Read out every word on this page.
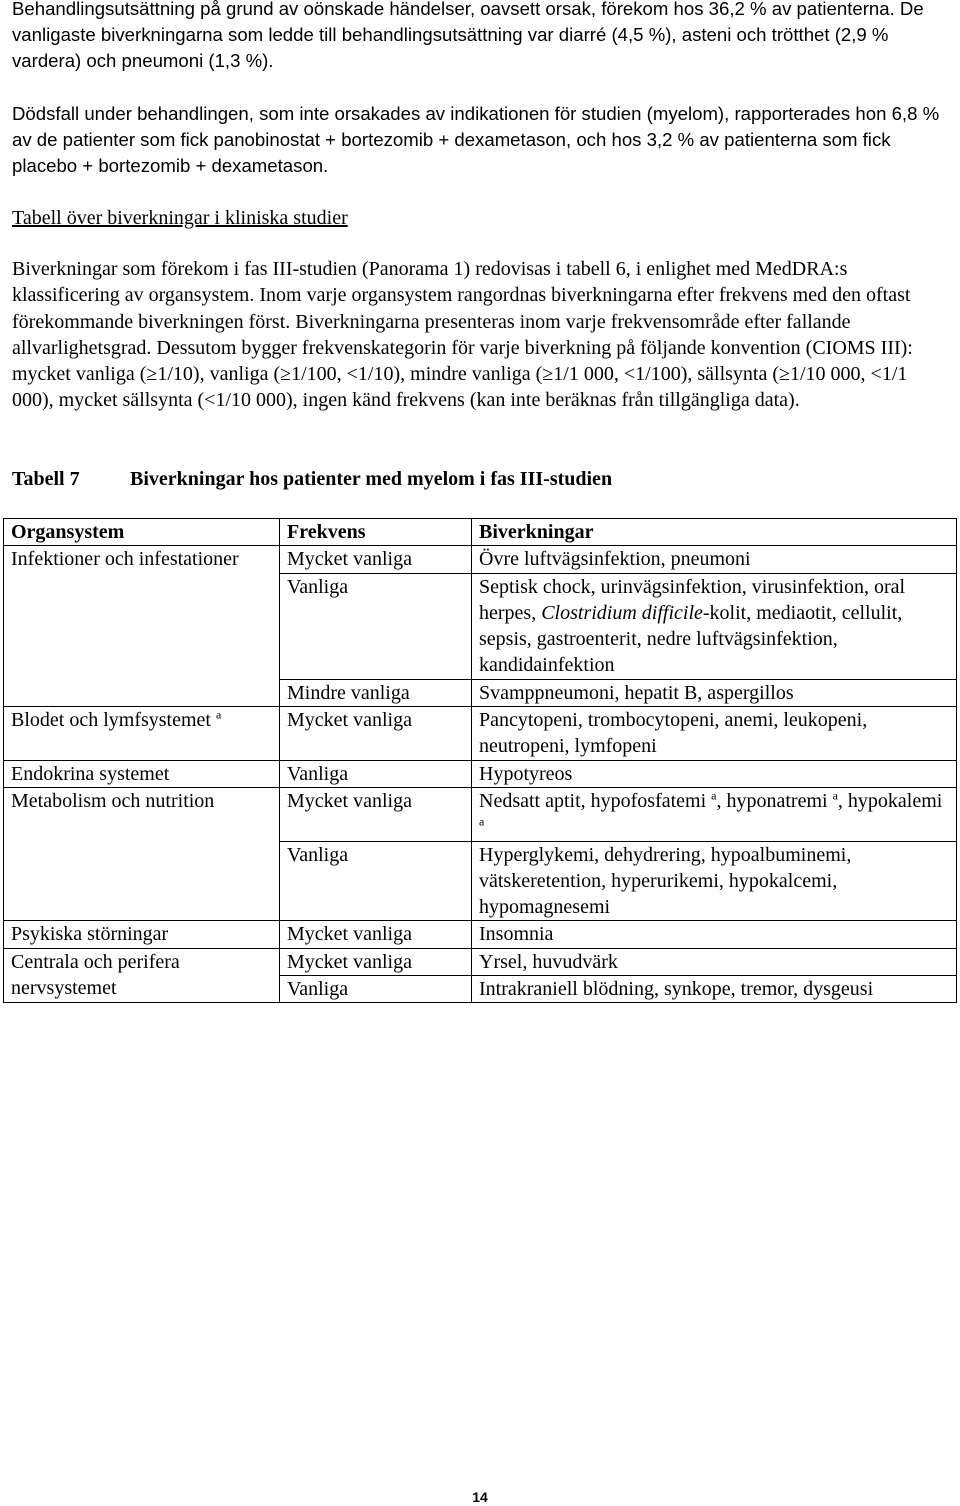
Behandlingsutsättning på grund av oönskade händelser, oavsett orsak, förekom hos 36,2 % av patienterna. De vanligaste biverkningarna som ledde till behandlingsutsättning var diarré (4,5 %), asteni och trötthet (2,9 % vardera) och pneumoni (1,3 %).
Dödsfall under behandlingen, som inte orsakades av indikationen för studien (myelom), rapporterades hon 6,8 % av de patienter som fick panobinostat + bortezomib + dexametason, och hos 3,2 % av patienterna som fick placebo + bortezomib + dexametason.
Tabell över biverkningar i kliniska studier
Biverkningar som förekom i fas III-studien (Panorama 1) redovisas i tabell 6, i enlighet med MedDRA:s klassificering av organsystem. Inom varje organsystem rangordnas biverkningarna efter frekvens med den oftast förekommande biverkningen först. Biverkningarna presenteras inom varje frekvensområde efter fallande allvarlighetsgrad. Dessutom bygger frekvenskategorin för varje biverkning på följande konvention (CIOMS III): mycket vanliga (≥1/10), vanliga (≥1/100, <1/10), mindre vanliga (≥1/1 000, <1/100), sällsynta (≥1/10 000, <1/1 000), mycket sällsynta (<1/10 000), ingen känd frekvens (kan inte beräknas från tillgängliga data).
Tabell 7	Biverkningar hos patienter med myelom i fas III-studien
Organsystem	Frekvens	Biverkningar
Infektioner och infestationer	Mycket vanliga	Övre luftvägsinfektion, pneumoni
	Vanliga	Septisk chock, urinvägsinfektion, virusinfektion, oral herpes, Clostridium difficile-kolit, mediaotit, cellulit, sepsis, gastroenterit, nedre luftvägsinfektion, kandidainfektion
	Mindre vanliga	Svamppneumoni, hepatit B, aspergillos
Blodet och lymfsystemet $^a$	Mycket vanliga	Pancytopeni, trombocytopeni, anemi, leukopeni, neutropeni, lymfopeni
Endokrina systemet	Vanliga	Hypotyreos
Metabolism och nutrition	Mycket vanliga	Nedsatt aptit, hypofosfatemi $^a$, hyponatremi $^a$, hypokalemi $^a$
	Vanliga	Hyperglykemi, dehydrering, hypoalbuminemi, vätskeretention, hyperurikemi, hypokalcemi, hypomagnesemi
Psykiska störningar	Mycket vanliga	Insomnia
Centrala och perifera nervsystemet	Mycket vanliga	Yrsel, huvudvärk
	Vanliga	Intrakraniell blödning, synkope, tremor, dysgeusi
14
